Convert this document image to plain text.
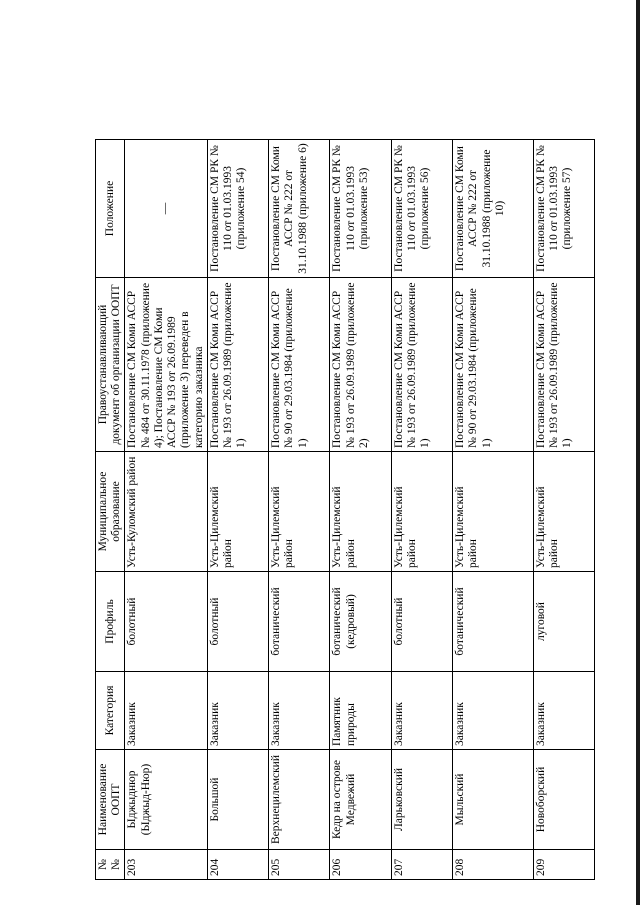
№ №	Наименование ООПТ	Категория	Профиль	Муниципальное образование	Правоустанавливающий документ об организации ООПТ	Положение
203	Ыджыднюр (Ыджыд-Нюр)	Заказник	болотный	Усть-Куломский район	Постановление СМ Коми АССР № 484 от 30.11.1978 (приложение 4); Постановление СМ Коми АССР № 193 от 26.09.1989 (приложение 3) переведен в категорию заказника	—
204	Большой	Заказник	болотный	Усть-Цилемский район	Постановление СМ Коми АССР № 193 от 26.09.1989 (приложение 1)	Постановление СМ РК № 110 от 01.03.1993 (приложение 54)
205	Верхнецилемский	Заказник	ботанический	Усть-Цилемский район	Постановление СМ Коми АССР № 90 от 29.03.1984 (приложение 1)	Постановление СМ Коми АССР № 222 от 31.10.1988 (приложение 6)
206	Кедр на острове Медвежий	Памятник природы	ботанический (кедровый)	Усть-Цилемский район	Постановление СМ Коми АССР № 193 от 26.09.1989 (приложение 2)	Постановление СМ РК № 110 от 01.03.1993 (приложение 53)
207	Ларьковский	Заказник	болотный	Усть-Цилемский район	Постановление СМ Коми АССР № 193 от 26.09.1989 (приложение 1)	Постановление СМ РК № 110 от 01.03.1993 (приложение 56)
208	Мыльский	Заказник	ботанический	Усть-Цилемский район	Постановление СМ Коми АССР № 90 от 29.03.1984 (приложение 1)	Постановление СМ Коми АССР № 222 от 31.10.1988 (приложение 10)
209	Новоборский	Заказник	луговой	Усть-Цилемский район	Постановление СМ Коми АССР № 193 от 26.09.1989 (приложение 1)	Постановление СМ РК № 110 от 01.03.1993 (приложение 57)
